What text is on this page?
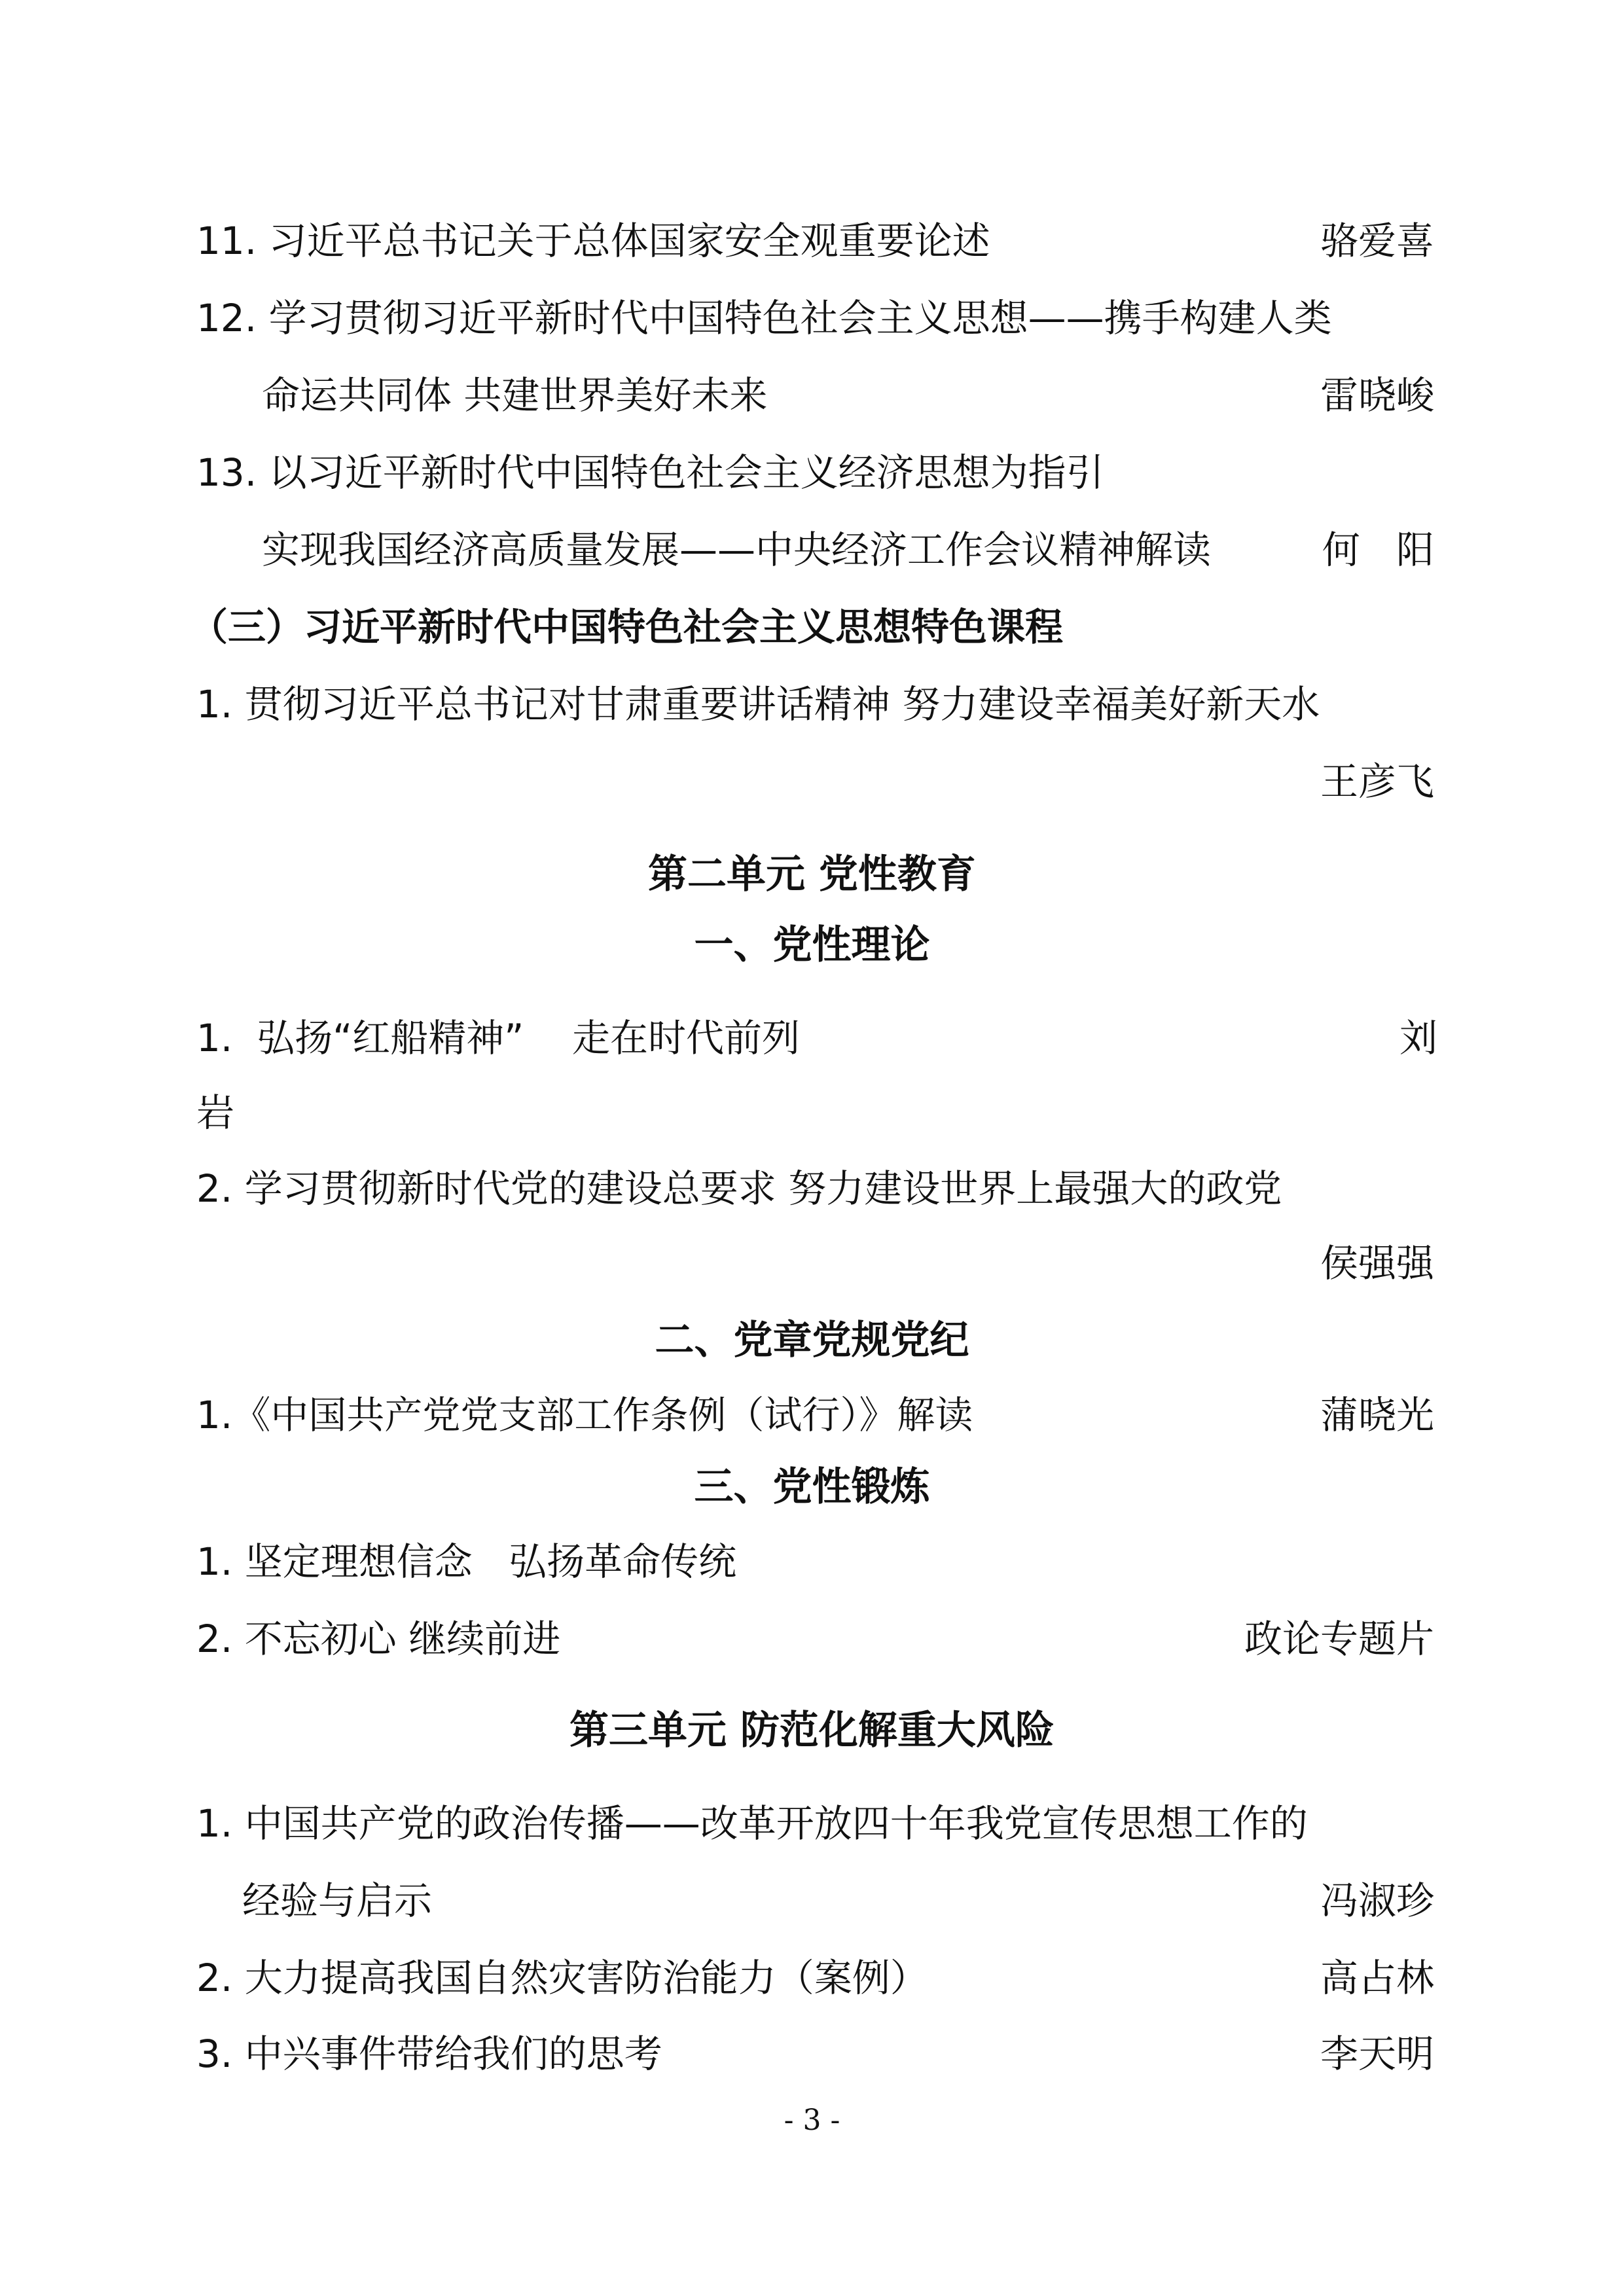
11. 习近平总书记关于总体国家安全观重要论述	骆爱喜
12. 学习贯彻习近平新时代中国特色社会主义思想——携手构建人类
命运共同体 共建世界美好未来	雷晓峻
13. 以习近平新时代中国特色社会主义经济思想为指引
实现我国经济高质量发展——中央经济工作会议精神解读	何   阳
（三）习近平新时代中国特色社会主义思想特色课程
1. 贯彻习近平总书记对甘肃重要讲话精神 努力建设幸福美好新天水
王彦飞
第二单元 党性教育
一、党性理论
1.  弘扬“红船精神”    走在时代前列	刘
岩
2. 学习贯彻新时代党的建设总要求 努力建设世界上最强大的政党
侯强强
二、党章党规党纪
1.《中国共产党党支部工作条例（试行）》解读	蒲晓光
三、党性锻炼
1. 坚定理想信念   弘扬革命传统
2. 不忘初心 继续前进	政论专题片
第三单元 防范化解重大风险
1. 中国共产党的政治传播——改革开放四十年我党宣传思想工作的
经验与启示	冯淑珍
2. 大力提高我国自然灾害防治能力（案例）	高占林
3. 中兴事件带给我们的思考	李天明
- 3 -
